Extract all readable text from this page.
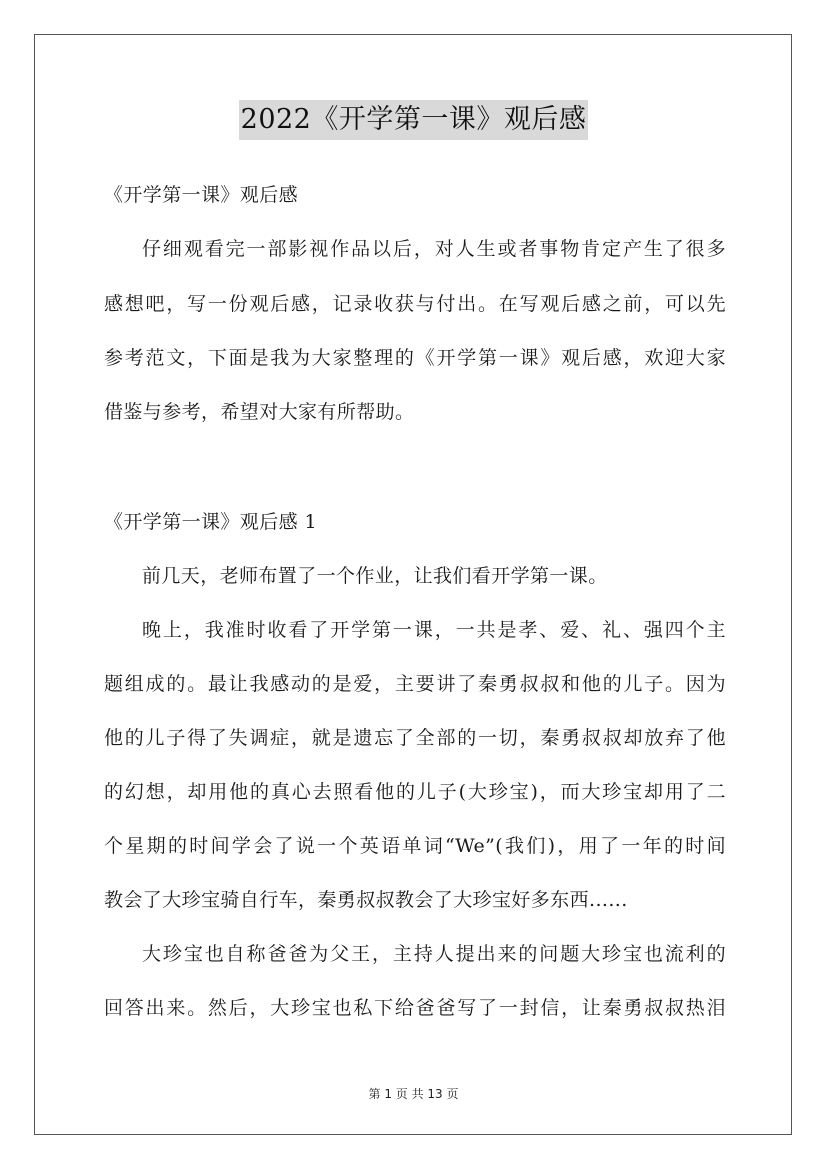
2022《开学第一课》观后感
《开学第一课》观后感
仔细观看完一部影视作品以后，对人生或者事物肯定产生了很多
感想吧，写一份观后感，记录收获与付出。在写观后感之前，可以先
参考范文，下面是我为大家整理的《开学第一课》观后感，欢迎大家
借鉴与参考，希望对大家有所帮助。
《开学第一课》观后感 1
前几天，老师布置了一个作业，让我们看开学第一课。
晚上，我准时收看了开学第一课，一共是孝、爱、礼、强四个主
题组成的。最让我感动的是爱，主要讲了秦勇叔叔和他的儿子。因为
他的儿子得了失调症，就是遗忘了全部的一切，秦勇叔叔却放弃了他
的幻想，却用他的真心去照看他的儿子(大珍宝)，而大珍宝却用了二
个星期的时间学会了说一个英语单词“We”(我们)，用了一年的时间
教会了大珍宝骑自行车，秦勇叔叔教会了大珍宝好多东西......
大珍宝也自称爸爸为父王，主持人提出来的问题大珍宝也流利的
回答出来。然后，大珍宝也私下给爸爸写了一封信，让秦勇叔叔热泪
第 1 页 共 13 页
